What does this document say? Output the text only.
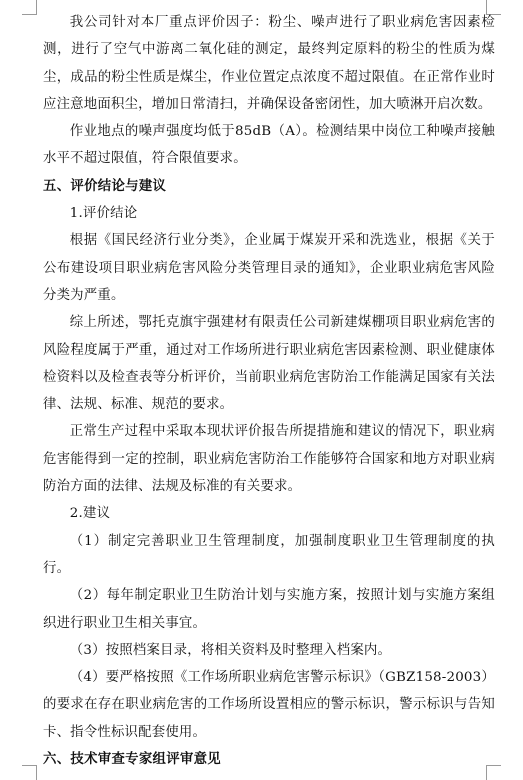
我公司针对本厂重点评价因子：粉尘、噪声进行了职业病危害因素检测，进行了空气中游离二氧化硅的测定，最终判定原料的粉尘的性质为煤尘，成品的粉尘性质是煤尘，作业位置定点浓度不超过限值。在正常作业时应注意地面积尘，增加日常清扫，并确保设备密闭性，加大喷淋开启次数。

作业地点的噪声强度均低于85dB（A）。检测结果中岗位工种噪声接触水平不超过限值，符合限值要求。

五、评价结论与建议

1.评价结论

根据《国民经济行业分类》，企业属于煤炭开采和洗选业，根据《关于公布建设项目职业病危害风险分类管理目录的通知》，企业职业病危害风险分类为严重。

综上所述，鄂托克旗宇强建材有限责任公司新建煤棚项目职业病危害的风险程度属于严重，通过对工作场所进行职业病危害因素检测、职业健康体检资料以及检查表等分析评价，当前职业病危害防治工作能满足国家有关法律、法规、标准、规范的要求。

正常生产过程中采取本现状评价报告所提措施和建议的情况下，职业病危害能得到一定的控制，职业病危害防治工作能够符合国家和地方对职业病防治方面的法律、法规及标准的有关要求。

2.建议

（1）制定完善职业卫生管理制度，加强制度职业卫生管理制度的执行。

（2）每年制定职业卫生防治计划与实施方案，按照计划与实施方案组织进行职业卫生相关事宜。

（3）按照档案目录，将相关资料及时整理入档案内。

（4）要严格按照《工作场所职业病危害警示标识》（GBZ158-2003）的要求在存在职业病危害的工作场所设置相应的警示标识，警示标识与告知卡、指令性标识配套使用。

六、技术审查专家组评审意见
